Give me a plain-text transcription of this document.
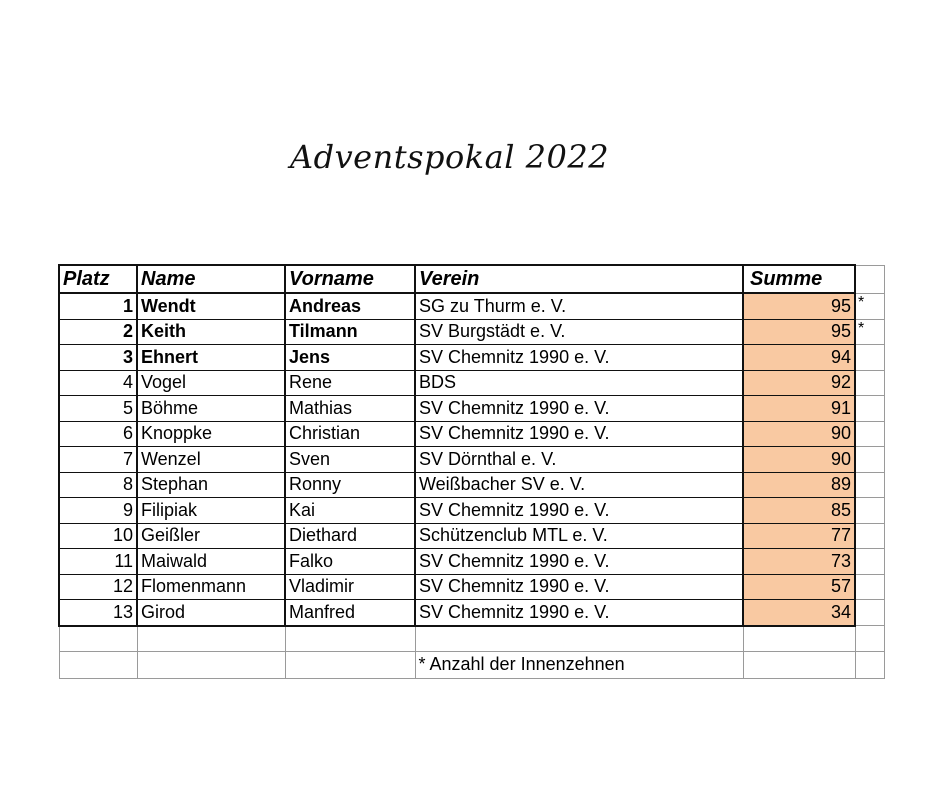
Adventspokal 2022
Platz	Name	Vorname	Verein	Summe	
1	Wendt	Andreas	SG zu Thurm e. V.	95	*
2	Keith	Tilmann	SV Burgstädt e. V.	95	*
3	Ehnert	Jens	SV Chemnitz 1990 e. V.	94	
4	Vogel	Rene	BDS	92	
5	Böhme	Mathias	SV Chemnitz 1990 e. V.	91	
6	Knoppke	Christian	SV Chemnitz 1990 e. V.	90	
7	Wenzel	Sven	SV Dörnthal e. V.	90	
8	Stephan	Ronny	Weißbacher SV e. V.	89	
9	Filipiak	Kai	SV Chemnitz 1990 e. V.	85	
10	Geißler	Diethard	Schützenclub MTL e. V.	77	
11	Maiwald	Falko	SV Chemnitz 1990 e. V.	73	
12	Flomenmann	Vladimir	SV Chemnitz 1990 e. V.	57	
13	Girod	Manfred	SV Chemnitz 1990 e. V.	34	

			* Anzahl der Innenzehnen		
